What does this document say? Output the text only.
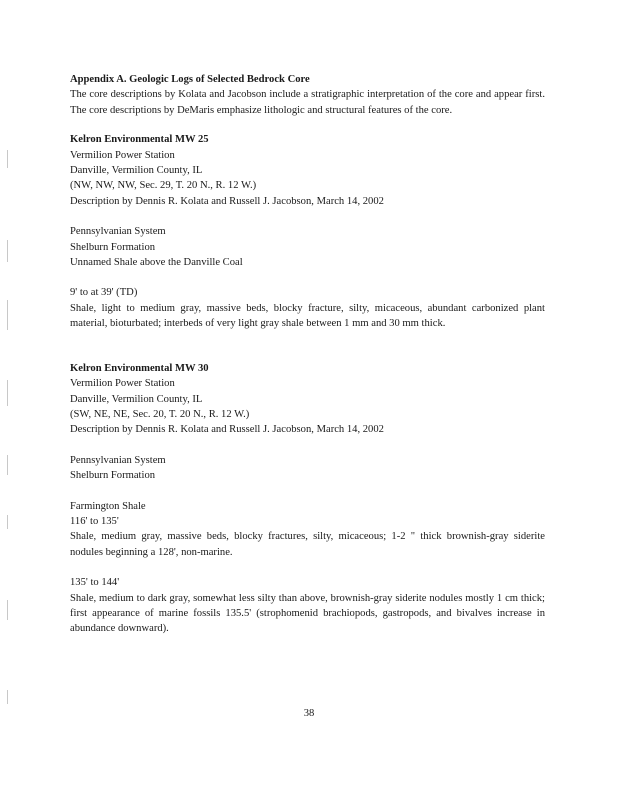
Appendix A. Geologic Logs of Selected Bedrock Core
The core descriptions by Kolata and Jacobson include a stratigraphic interpretation of the core and appear first. The core descriptions by DeMaris emphasize lithologic and structural features of the core.
Kelron Environmental MW 25
Vermilion Power Station
Danville, Vermilion County, IL
(NW, NW, NW, Sec. 29, T. 20 N., R. 12 W.)
Description by Dennis R. Kolata and Russell J. Jacobson, March 14, 2002
Pennsylvanian System
Shelburn Formation
Unnamed Shale above the Danville Coal
9' to at 39' (TD)
Shale, light to medium gray, massive beds, blocky fracture, silty, micaceous, abundant carbonized plant material, bioturbated; interbeds of very light gray shale between 1 mm and 30 mm thick.
Kelron Environmental MW 30
Vermilion Power Station
Danville, Vermilion County, IL
(SW, NE, NE, Sec. 20, T. 20 N., R. 12 W.)
Description by Dennis R. Kolata and Russell J. Jacobson, March 14, 2002
Pennsylvanian System
Shelburn Formation
Farmington Shale
116' to 135'
Shale, medium gray, massive beds, blocky fractures, silty, micaceous; 1-2 " thick brownish-gray siderite nodules beginning a 128', non-marine.
135' to 144'
Shale, medium to dark gray, somewhat less silty than above, brownish-gray siderite nodules mostly 1 cm thick; first appearance of marine fossils 135.5' (strophomenid brachiopods, gastropods, and bivalves increase in abundance downward).
38
